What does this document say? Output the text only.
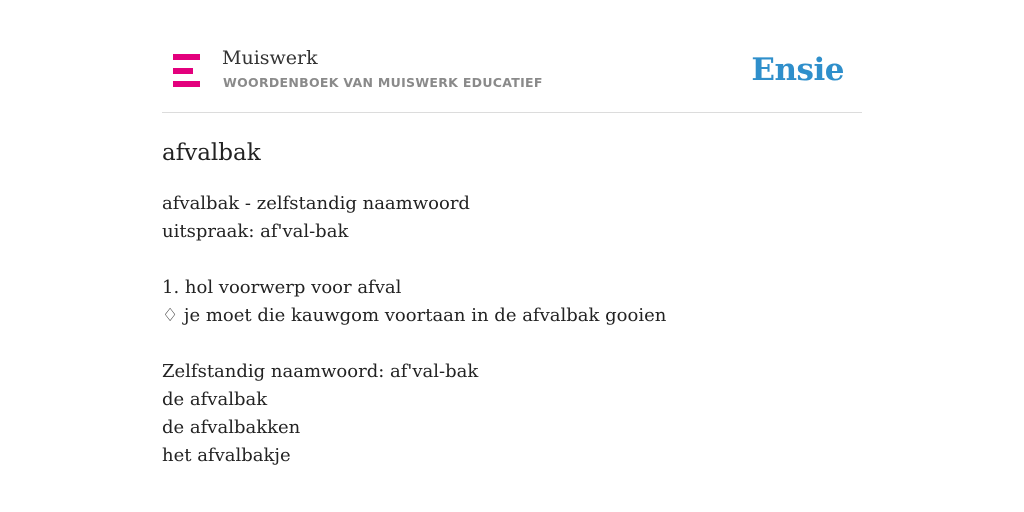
Muiswerk
WOORDENBOEK VAN MUISWERK EDUCATIEF	Ensie
afvalbak
afvalbak - zelfstandig naamwoord
uitspraak: af'val-bak
1. hol voorwerp voor afval
♢ je moet die kauwgom voortaan in de afvalbak gooien
Zelfstandig naamwoord: af'val-bak
de afvalbak
de afvalbakken
het afvalbakje
